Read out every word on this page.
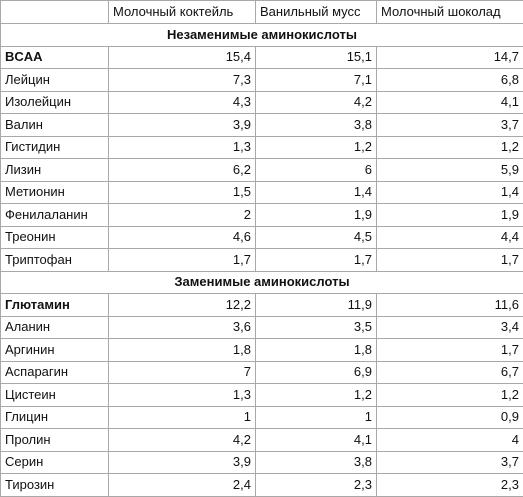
	Молочный коктейль	Ванильный мусс	Молочный шоколад
Незаменимые аминокислоты			
BCAA	15,4	15,1	14,7
Лейцин	7,3	7,1	6,8
Изолейцин	4,3	4,2	4,1
Валин	3,9	3,8	3,7
Гистидин	1,3	1,2	1,2
Лизин	6,2	6	5,9
Метионин	1,5	1,4	1,4
Фенилаланин	2	1,9	1,9
Треонин	4,6	4,5	4,4
Триптофан	1,7	1,7	1,7
Заменимые аминокислоты			
Глютамин	12,2	11,9	11,6
Аланин	3,6	3,5	3,4
Аргинин	1,8	1,8	1,7
Аспарагин	7	6,9	6,7
Цистеин	1,3	1,2	1,2
Глицин	1	1	0,9
Пролин	4,2	4,1	4
Серин	3,9	3,8	3,7
Тирозин	2,4	2,3	2,3
